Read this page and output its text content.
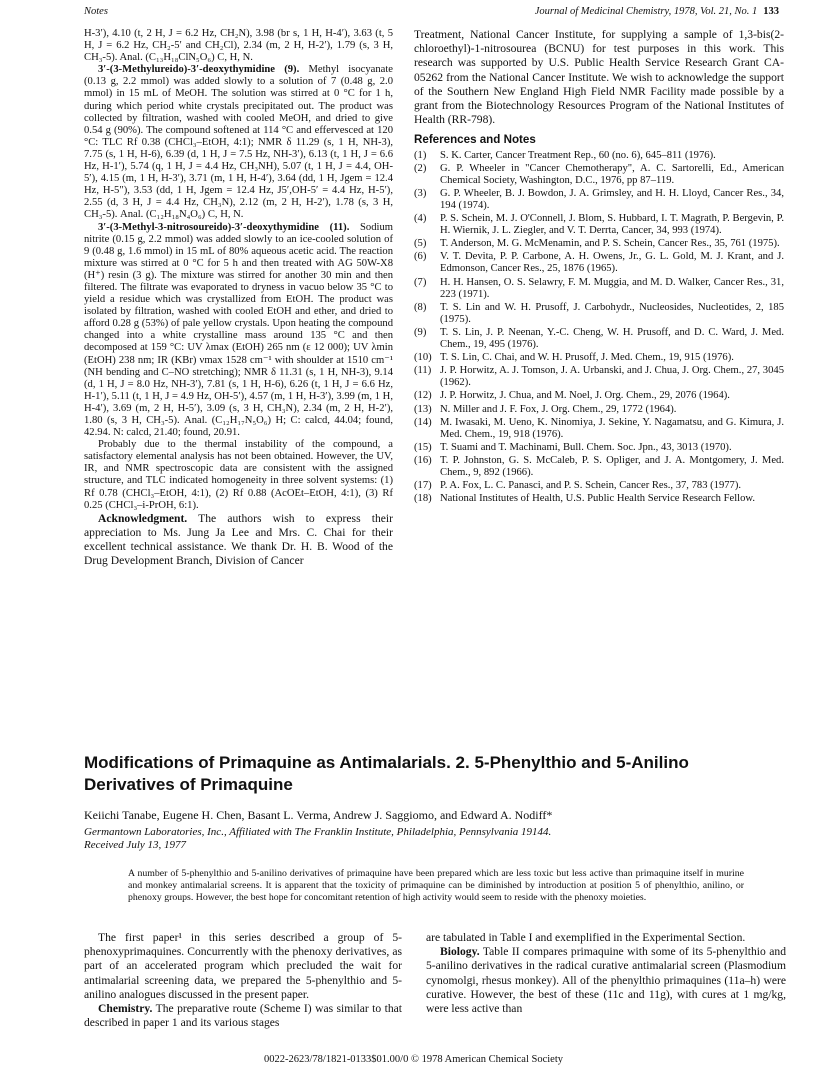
Notes	Journal of Medicinal Chemistry, 1978, Vol. 21, No. 1 133

H-3′), 4.10 (t, 2 H, J = 6.2 Hz, CH₂N), 3.98 (br s, 1 H, H-4′), 3.63 (t, 5 H, J = 6.2 Hz, CH₂-5′ and CH₂Cl), 2.34 (m, 2 H, H-2′), 1.79 (s, 3 H, CH₃-5). Anal. (C₁₃H₁₈ClN₅O₆) C, H, N.

3′-(3-Methylureido)-3′-deoxythymidine (9). Methyl isocyanate (0.13 g, 2.2 mmol) was added slowly to a solution of 7 (0.48 g, 2.0 mmol) in 15 mL of MeOH. The solution was stirred at 0 °C for 1 h, during which period white crystals precipitated out. The product was collected by filtration, washed with cooled MeOH, and dried to give 0.54 g (90%). The compound softened at 114 °C and effervesced at 120 °C: TLC Rf 0.38 (CHCl₃–EtOH, 4:1); NMR δ 11.29 (s, 1 H, NH-3), 7.75 (s, 1 H, H-6), 6.39 (d, 1 H, J = 7.5 Hz, NH-3′), 6.13 (t, 1 H, J = 6.6 Hz, H-1′), 5.74 (q, 1 H, J = 4.4 Hz, CH₃NH), 5.07 (t, 1 H, J = 4.4, OH-5′), 4.15 (m, 1 H, H-3′), 3.71 (m, 1 H, H-4′), 3.64 (dd, 1 H, Jgem = 12.4 Hz, H-5″), 3.53 (dd, 1 H, Jgem = 12.4 Hz, J5′,OH-5′ = 4.4 Hz, H-5′), 2.55 (d, 3 H, J = 4.4 Hz, CH₃N), 2.12 (m, 2 H, H-2′), 1.78 (s, 3 H, CH₃-5). Anal. (C₁₂H₁₈N₄O₆) C, H, N.

3′-(3-Methyl-3-nitrosoureido)-3′-deoxythymidine (11). Sodium nitrite (0.15 g, 2.2 mmol) was added slowly to an ice-cooled solution of 9 (0.48 g, 1.6 mmol) in 15 mL of 80% aqueous acetic acid. The reaction mixture was stirred at 0 °C for 5 h and then treated with AG 50W-X8 (H⁺) resin (3 g). The mixture was stirred for another 30 min and then filtered. The filtrate was evaporated to dryness in vacuo below 35 °C to yield a residue which was crystallized from EtOH. The product was isolated by filtration, washed with cooled EtOH and ether, and dried to afford 0.28 g (53%) of pale yellow crystals. Upon heating the compound changed into a white crystalline mass around 135 °C and then decomposed at 159 °C: UV λmax (EtOH) 265 nm (ε 12 000); UV λmin (EtOH) 238 nm; IR (KBr) νmax 1528 cm⁻¹ with shoulder at 1510 cm⁻¹ (NH bending and C–NO stretching); NMR δ 11.31 (s, 1 H, NH-3), 9.14 (d, 1 H, J = 8.0 Hz, NH-3′), 7.81 (s, 1 H, H-6), 6.26 (t, 1 H, J = 6.6 Hz, H-1′), 5.11 (t, 1 H, J = 4.9 Hz, OH-5′), 4.57 (m, 1 H, H-3′), 3.99 (m, 1 H, H-4′), 3.69 (m, 2 H, H-5′), 3.09 (s, 3 H, CH₃N), 2.34 (m, 2 H, H-2′), 1.80 (s, 3 H, CH₃-5). Anal. (C₁₂H₁₇N₅O₆) H; C: calcd, 44.04; found, 42.94. N: calcd, 21.40; found, 20.91.

Probably due to the thermal instability of the compound, a satisfactory elemental analysis has not been obtained. However, the UV, IR, and NMR spectroscopic data are consistent with the assigned structure, and TLC indicated homogeneity in three solvent systems: (1) Rf 0.78 (CHCl₃–EtOH, 4:1), (2) Rf 0.88 (AcOEt–EtOH, 4:1), (3) Rf 0.25 (CHCl₃–i-PrOH, 6:1).

Acknowledgment. The authors wish to express their appreciation to Ms. Jung Ja Lee and Mrs. C. Chai for their excellent technical assistance. We thank Dr. H. B. Wood of the Drug Development Branch, Division of Cancer

Treatment, National Cancer Institute, for supplying a sample of 1,3-bis(2-chloroethyl)-1-nitrosourea (BCNU) for test purposes in this work. This research was supported by U.S. Public Health Service Research Grant CA-05262 from the National Cancer Institute. We wish to acknowledge the support of the Southern New England High Field NMR Facility made possible by a grant from the Biotechnology Resources Program of the National Institutes of Health (RR-798).

References and Notes
(1)	S. K. Carter, Cancer Treatment Rep., 60 (no. 6), 645–811 (1976).
(2)	G. P. Wheeler in "Cancer Chemotherapy", A. C. Sartorelli, Ed., American Chemical Society, Washington, D.C., 1976, pp 87–119.
(3)	G. P. Wheeler, B. J. Bowdon, J. A. Grimsley, and H. H. Lloyd, Cancer Res., 34, 194 (1974).
(4)	P. S. Schein, M. J. O'Connell, J. Blom, S. Hubbard, I. T. Magrath, P. Bergevin, P. H. Wiernik, J. L. Ziegler, and V. T. Derrta, Cancer, 34, 993 (1974).
(5)	T. Anderson, M. G. McMenamin, and P. S. Schein, Cancer Res., 35, 761 (1975).
(6)	V. T. Devita, P. P. Carbone, A. H. Owens, Jr., G. L. Gold, M. J. Krant, and J. Edmonson, Cancer Res., 25, 1876 (1965).
(7)	H. H. Hansen, O. S. Selawry, F. M. Muggia, and M. D. Walker, Cancer Res., 31, 223 (1971).
(8)	T. S. Lin and W. H. Prusoff, J. Carbohydr., Nucleosides, Nucleotides, 2, 185 (1975).
(9)	T. S. Lin, J. P. Neenan, Y.-C. Cheng, W. H. Prusoff, and D. C. Ward, J. Med. Chem., 19, 495 (1976).
(10) T. S. Lin, C. Chai, and W. H. Prusoff, J. Med. Chem., 19, 915 (1976).
(11) J. P. Horwitz, A. J. Tomson, J. A. Urbanski, and J. Chua, J. Org. Chem., 27, 3045 (1962).
(12) J. P. Horwitz, J. Chua, and M. Noel, J. Org. Chem., 29, 2076 (1964).
(13) N. Miller and J. F. Fox, J. Org. Chem., 29, 1772 (1964).
(14) M. Iwasaki, M. Ueno, K. Ninomiya, J. Sekine, Y. Nagamatsu, and G. Kimura, J. Med. Chem., 19, 918 (1976).
(15) T. Suami and T. Machinami, Bull. Chem. Soc. Jpn., 43, 3013 (1970).
(16) T. P. Johnston, G. S. McCaleb, P. S. Opliger, and J. A. Montgomery, J. Med. Chem., 9, 892 (1966).
(17) P. A. Fox, L. C. Panasci, and P. S. Schein, Cancer Res., 37, 783 (1977).
(18) National Institutes of Health, U.S. Public Health Service Research Fellow.
Modifications of Primaquine as Antimalarials. 2. 5-Phenylthio and 5-Anilino Derivatives of Primaquine
Keiichi Tanabe, Eugene H. Chen, Basant L. Verma, Andrew J. Saggiomo, and Edward A. Nodiff*
Germantown Laboratories, Inc., Affiliated with The Franklin Institute, Philadelphia, Pennsylvania 19144.
Received July 13, 1977
A number of 5-phenylthio and 5-anilino derivatives of primaquine have been prepared which are less toxic but less active than primaquine itself in murine and monkey antimalarial screens. It is apparent that the toxicity of primaquine can be diminished by introduction at position 5 of phenylthio, anilino, or phenoxy groups. However, the best hope for concomitant retention of high activity would seem to reside with the phenoxy moieties.

The first paper¹ in this series described a group of 5-phenoxyprimaquines. Concurrently with the phenoxy derivatives, as part of an accelerated program which precluded the wait for antimalarial screening data, we prepared the 5-phenylthio and 5-anilino analogues discussed in the present paper.

Chemistry. The preparative route (Scheme I) was similar to that described in paper 1 and its various stages

are tabulated in Table I and exemplified in the Experimental Section.

Biology. Table II compares primaquine with some of its 5-phenylthio and 5-anilino derivatives in the radical curative antimalarial screen (Plasmodium cynomolgi, rhesus monkey). All of the phenylthio primaquines (11a–h) were curative. However, the best of these (11c and 11g), with cures at 1 mg/kg, were less active than

0022-2623/78/1821-0133$01.00/0 © 1978 American Chemical Society
